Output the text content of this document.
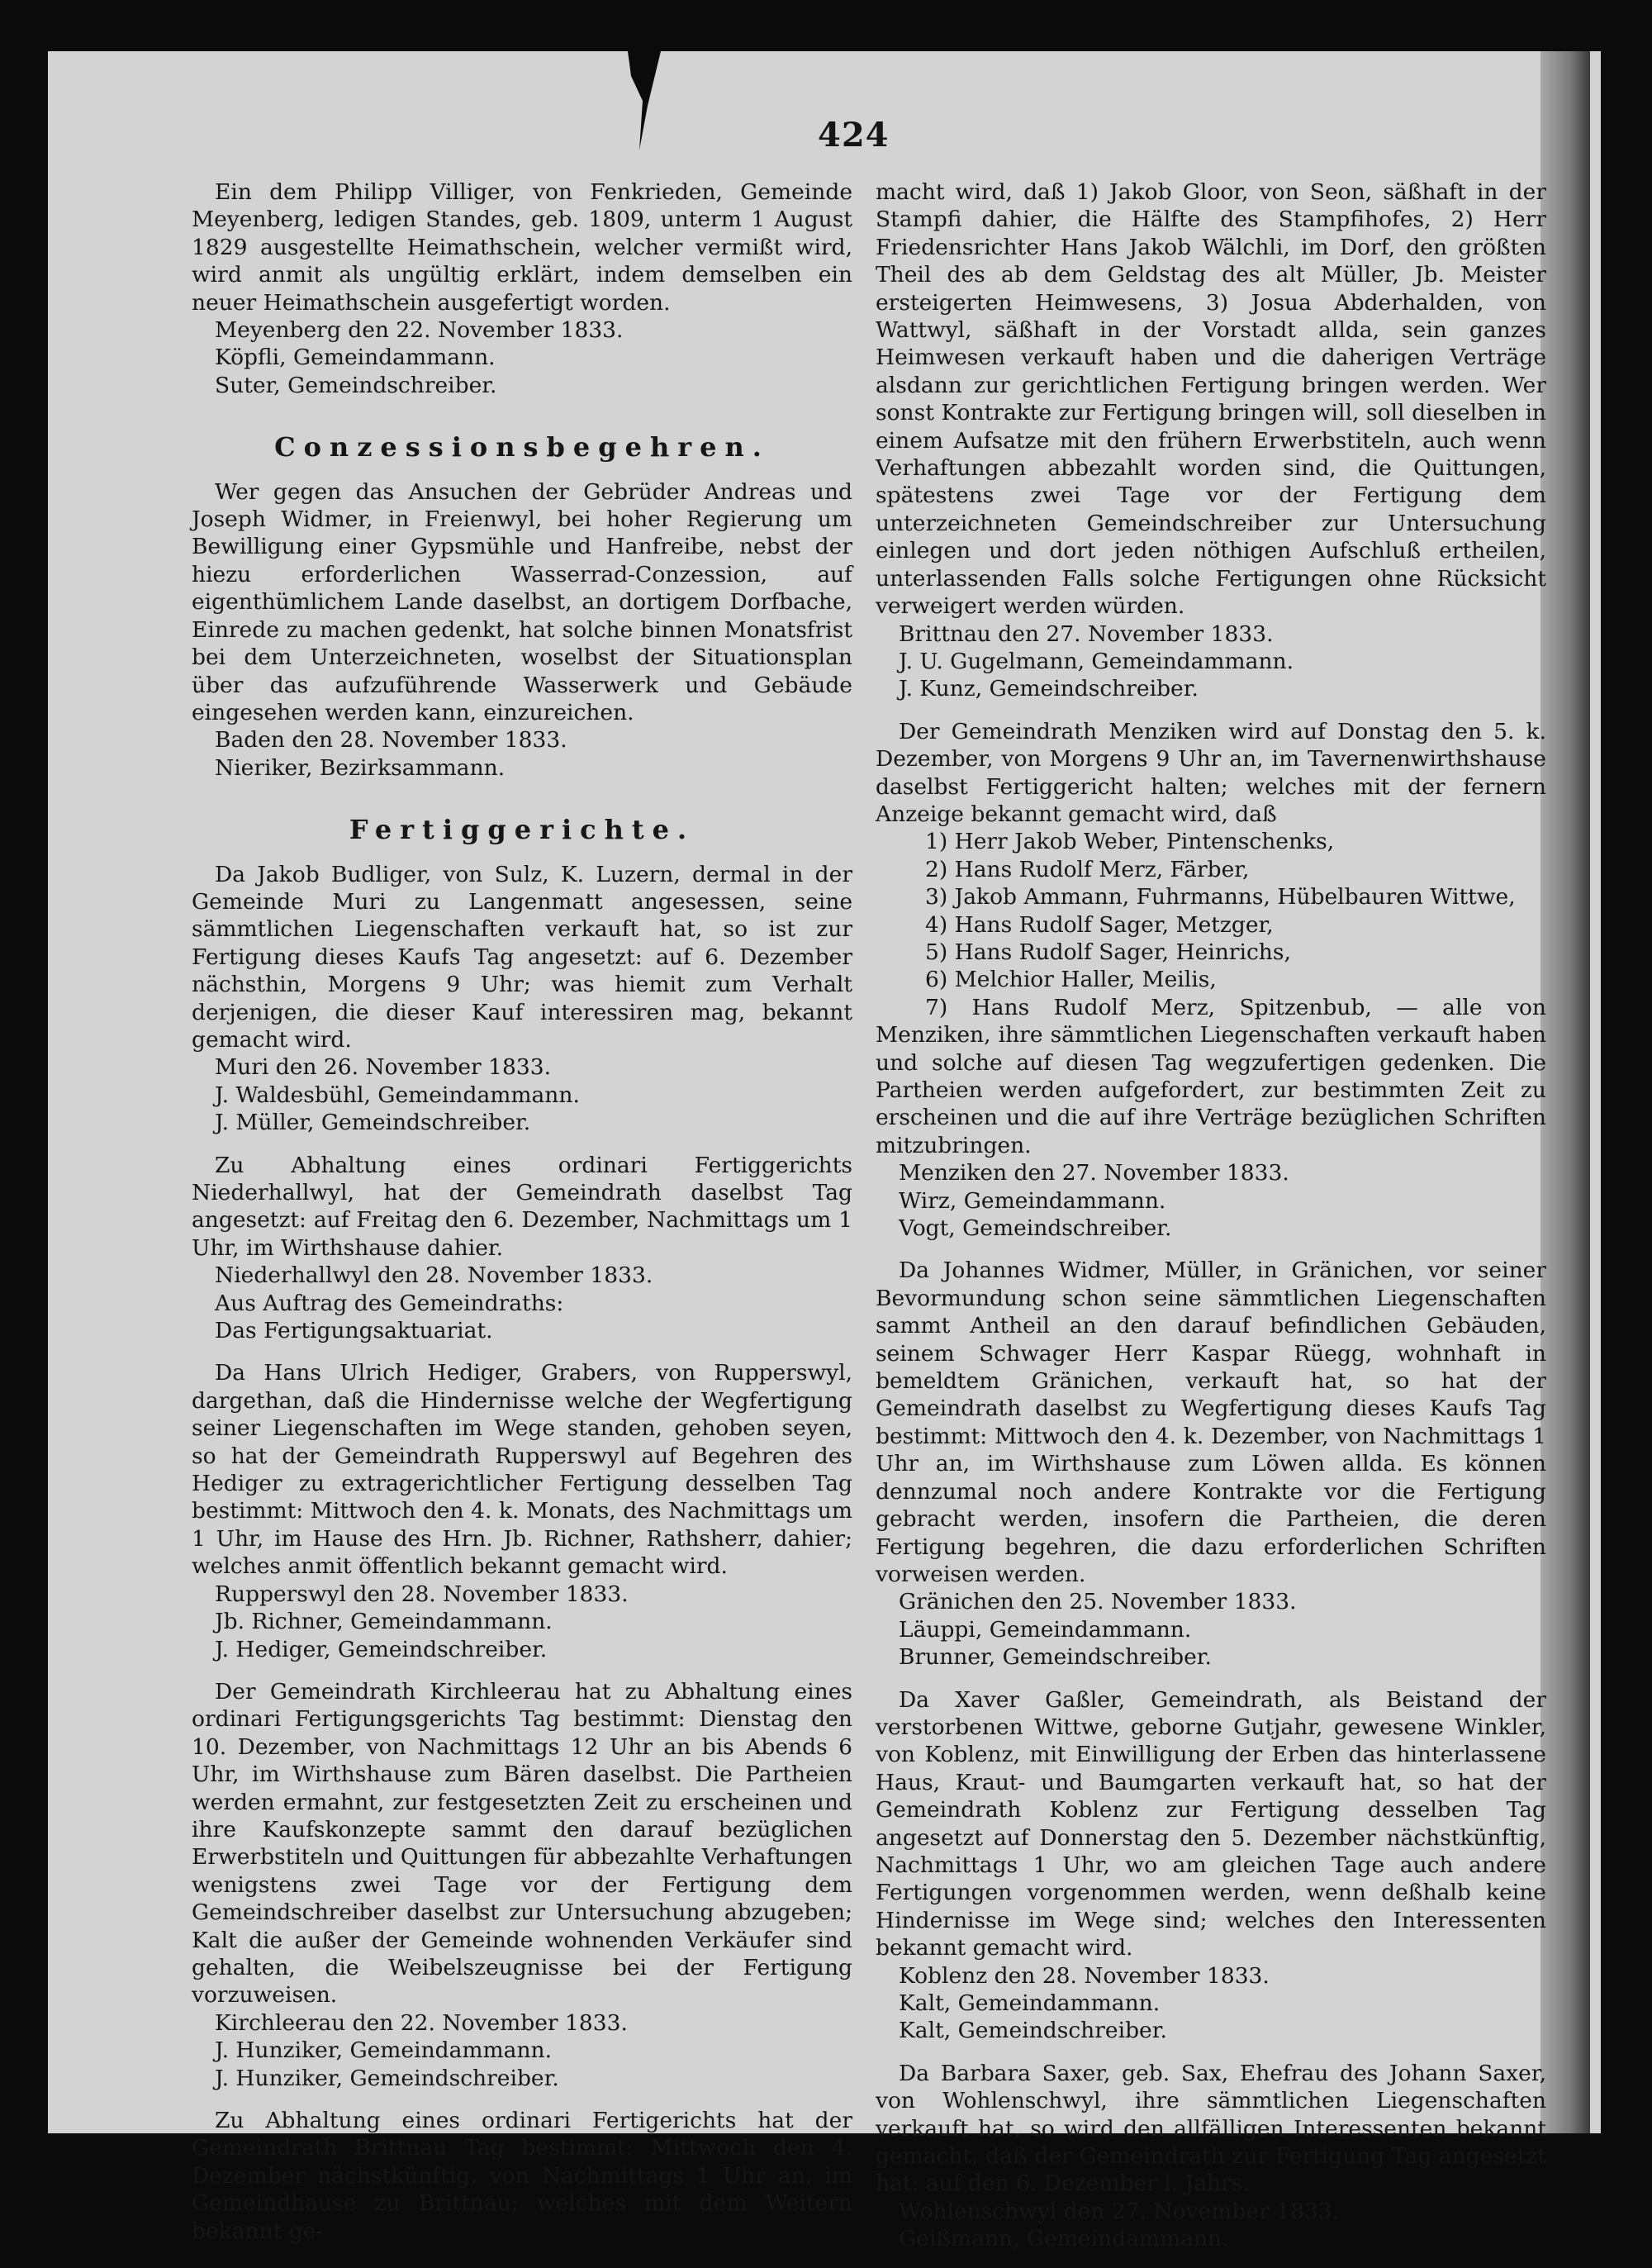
424

Ein dem Philipp Villiger, von Fenkrieden, Gemeinde Meyenberg, ledigen Standes, geb. 1809, unterm 1 August 1829 ausgestellte Heimathschein, welcher vermißt wird, wird anmit als ungültig erklärt, indem demselben ein neuer Heimathschein ausgefertigt worden.

Meyenberg den 22. November 1833.

Köpfli, Gemeindammann.

Suter, Gemeindschreiber.

Conzessionsbegehren.

Wer gegen das Ansuchen der Gebrüder Andreas und Joseph Widmer, in Freienwyl, bei hoher Regierung um Bewilligung einer Gypsmühle und Hanfreibe, nebst der hiezu erforderlichen Wasserrad-Conzession, auf eigenthümlichem Lande daselbst, an dortigem Dorfbache, Einrede zu machen gedenkt, hat solche binnen Monatsfrist bei dem Unterzeichneten, woselbst der Situationsplan über das aufzuführende Wasserwerk und Gebäude eingesehen werden kann, einzureichen.

Baden den 28. November 1833.

Nieriker, Bezirksammann.

Fertiggerichte.

Da Jakob Budliger, von Sulz, K. Luzern, dermal in der Gemeinde Muri zu Langenmatt angesessen, seine sämmtlichen Liegenschaften verkauft hat, so ist zur Fertigung dieses Kaufs Tag angesetzt: auf 6. Dezember nächsthin, Morgens 9 Uhr; was hiemit zum Verhalt derjenigen, die dieser Kauf interessiren mag, bekannt gemacht wird.

Muri den 26. November 1833.

J. Waldesbühl, Gemeindammann.

J. Müller, Gemeindschreiber.

Zu Abhaltung eines ordinari Fertiggerichts Niederhallwyl, hat der Gemeindrath daselbst Tag angesetzt: auf Freitag den 6. Dezember, Nachmittags um 1 Uhr, im Wirthshause dahier.

Niederhallwyl den 28. November 1833.

Aus Auftrag des Gemeindraths:

Das Fertigungsaktuariat.

Da Hans Ulrich Hediger, Grabers, von Rupperswyl, dargethan, daß die Hindernisse welche der Wegfertigung seiner Liegenschaften im Wege standen, gehoben seyen, so hat der Gemeindrath Rupperswyl auf Begehren des Hediger zu extragerichtlicher Fertigung desselben Tag bestimmt: Mittwoch den 4. k. Monats, des Nachmittags um 1 Uhr, im Hause des Hrn. Jb. Richner, Rathsherr, dahier; welches anmit öffentlich bekannt gemacht wird.

Rupperswyl den 28. November 1833.

Jb. Richner, Gemeindammann.

J. Hediger, Gemeindschreiber.

Der Gemeindrath Kirchleerau hat zu Abhaltung eines ordinari Fertigungsgerichts Tag bestimmt: Dienstag den 10. Dezember, von Nachmittags 12 Uhr an bis Abends 6 Uhr, im Wirthshause zum Bären daselbst. Die Partheien werden ermahnt, zur festgesetzten Zeit zu erscheinen und ihre Kaufskonzepte sammt den darauf bezüglichen Erwerbstiteln und Quittungen für abbezahlte Verhaftungen wenigstens zwei Tage vor der Fertigung dem Gemeindschreiber daselbst zur Untersuchung abzugeben; Kalt die außer der Gemeinde wohnenden Verkäufer sind gehalten, die Weibelszeugnisse bei der Fertigung vorzuweisen.

Kirchleerau den 22. November 1833.

J. Hunziker, Gemeindammann.

J. Hunziker, Gemeindschreiber.

Zu Abhaltung eines ordinari Fertigerichts hat der Gemeindrath Brittnau Tag bestimmt: Mittwoch den 4. Dezember nächstkünftig, von Nachmittags 1 Uhr an, im Gemeindhause zu Brittnau; welches mit dem Weitern bekannt ge-

macht wird, daß 1) Jakob Gloor, von Seon, säßhaft in der Stampfi dahier, die Hälfte des Stampfihofes, 2) Herr Friedensrichter Hans Jakob Wälchli, im Dorf, den größten Theil des ab dem Geldstag des alt Müller, Jb. Meister ersteigerten Heimwesens, 3) Josua Abderhalden, von Wattwyl, säßhaft in der Vorstadt allda, sein ganzes Heimwesen verkauft haben und die daherigen Verträge alsdann zur gerichtlichen Fertigung bringen werden. Wer sonst Kontrakte zur Fertigung bringen will, soll dieselben in einem Aufsatze mit den frühern Erwerbstiteln, auch wenn Verhaftungen abbezahlt worden sind, die Quittungen, spätestens zwei Tage vor der Fertigung dem unterzeichneten Gemeindschreiber zur Untersuchung einlegen und dort jeden nöthigen Aufschluß ertheilen, unterlassenden Falls solche Fertigungen ohne Rücksicht verweigert werden würden.

Brittnau den 27. November 1833.

J. U. Gugelmann, Gemeindammann.

J. Kunz, Gemeindschreiber.

Der Gemeindrath Menziken wird auf Donstag den 5. k. Dezember, von Morgens 9 Uhr an, im Tavernenwirthshause daselbst Fertiggericht halten; welches mit der fernern Anzeige bekannt gemacht wird, daß

1) Herr Jakob Weber, Pintenschenks,
2) Hans Rudolf Merz, Färber,
3) Jakob Ammann, Fuhrmanns, Hübelbauren Wittwe,
4) Hans Rudolf Sager, Metzger,
5) Hans Rudolf Sager, Heinrichs,
6) Melchior Haller, Meilis,
7) Hans Rudolf Merz, Spitzenbub, — alle von Menziken, ihre sämmtlichen Liegenschaften verkauft haben und solche auf diesen Tag wegzufertigen gedenken. Die Partheien werden aufgefordert, zur bestimmten Zeit zu erscheinen und die auf ihre Verträge bezüglichen Schriften mitzubringen.

Menziken den 27. November 1833.

Wirz, Gemeindammann.

Vogt, Gemeindschreiber.

Da Johannes Widmer, Müller, in Gränichen, vor seiner Bevormundung schon seine sämmtlichen Liegenschaften sammt Antheil an den darauf befindlichen Gebäuden, seinem Schwager Herr Kaspar Rüegg, wohnhaft in bemeldtem Gränichen, verkauft hat, so hat der Gemeindrath daselbst zu Wegfertigung dieses Kaufs Tag bestimmt: Mittwoch den 4. k. Dezember, von Nachmittags 1 Uhr an, im Wirthshause zum Löwen allda. Es können dennzumal noch andere Kontrakte vor die Fertigung gebracht werden, insofern die Partheien, die deren Fertigung begehren, die dazu erforderlichen Schriften vorweisen werden.

Gränichen den 25. November 1833.

Läuppi, Gemeindammann.

Brunner, Gemeindschreiber.

Da Xaver Gaßler, Gemeindrath, als Beistand der verstorbenen Wittwe, geborne Gutjahr, gewesene Winkler, von Koblenz, mit Einwilligung der Erben das hinterlassene Haus, Kraut- und Baumgarten verkauft hat, so hat der Gemeindrath Koblenz zur Fertigung desselben Tag angesetzt auf Donnerstag den 5. Dezember nächstkünftig, Nachmittags 1 Uhr, wo am gleichen Tage auch andere Fertigungen vorgenommen werden, wenn deßhalb keine Hindernisse im Wege sind; welches den Interessenten bekannt gemacht wird.

Koblenz den 28. November 1833.

Kalt, Gemeindammann.

Kalt, Gemeindschreiber.

Da Barbara Saxer, geb. Sax, Ehefrau des Johann Saxer, von Wohlenschwyl, ihre sämmtlichen Liegenschaften verkauft hat, so wird den allfälligen Interessenten bekannt gemacht, daß der Gemeindrath zur Fertigung Tag angesetzt hat: auf den 6. Dezember l. Jahrs.

Wohlenschwyl den 27. November 1833.

Geißmann, Gemeindammann.
